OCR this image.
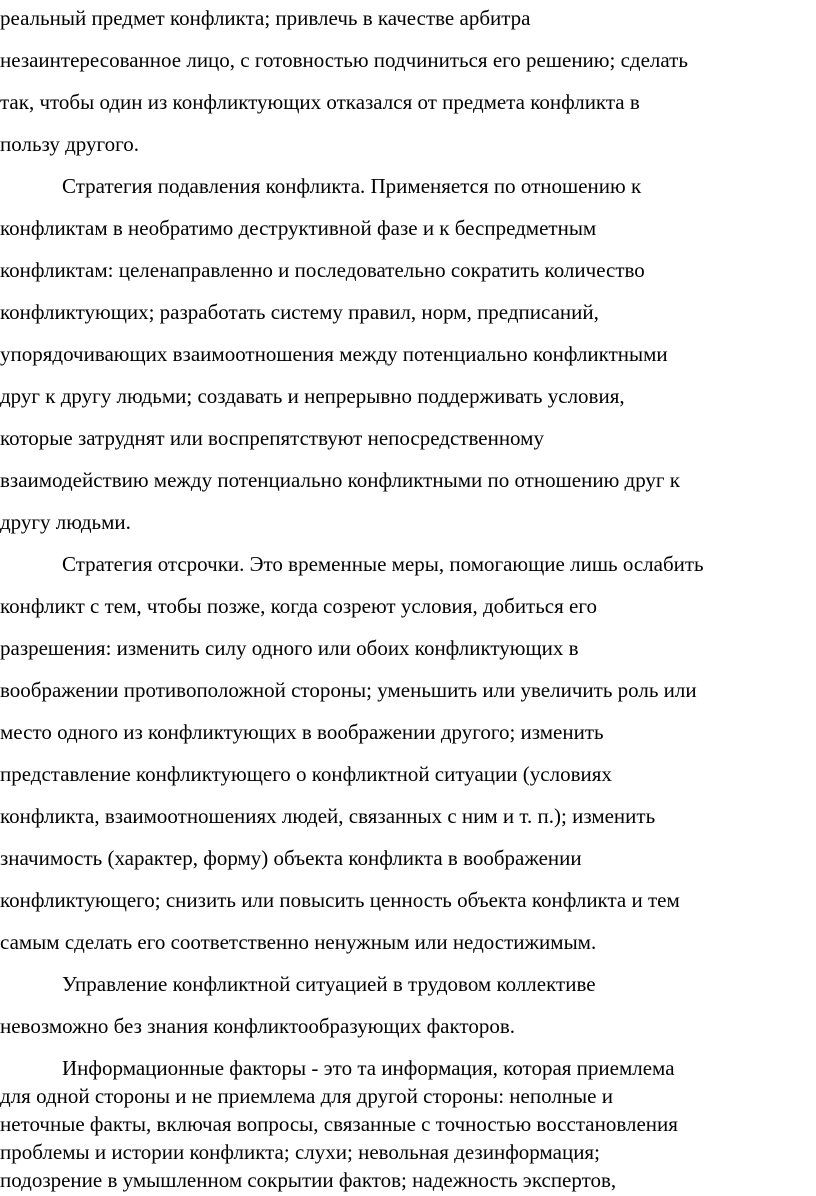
реальный предмет конфликта; привлечь в качестве арбитра
незаинтересованное лицо, с готовностью подчиниться его решению; сделать
так, чтобы один из конфликтующих отказался от предмета конфликта в
пользу другого.
Стратегия подавления конфликта. Применяется по отношению к
конфликтам в необратимо деструктивной фазе и к беспредметным
конфликтам: целенаправленно и последовательно сократить количество
конфликтующих; разработать систему правил, норм, предписаний,
упорядочивающих взаимоотношения между потенциально конфликтными
друг к другу людьми; создавать и непрерывно поддерживать условия,
которые затруднят или воспрепятствуют непосредственному
взаимодействию между потенциально конфликтными по отношению друг к
другу людьми.
Стратегия отсрочки. Это временные меры, помогающие лишь ослабить
конфликт с тем, чтобы позже, когда созреют условия, добиться его
разрешения: изменить силу одного или обоих конфликтующих в
воображении противоположной стороны; уменьшить или увеличить роль или
место одного из конфликтующих в воображении другого; изменить
представление конфликтующего о конфликтной ситуации (условиях
конфликта, взаимоотношениях людей, связанных с ним и т. п.); изменить
значимость (характер, форму) объекта конфликта в воображении
конфликтующего; снизить или повысить ценность объекта конфликта и тем
самым сделать его соответственно ненужным или недостижимым.
Управление конфликтной ситуацией в трудовом коллективе
невозможно без знания конфликтообразующих факторов.
Информационные факторы - это та информация, которая приемлема
для одной стороны и не приемлема для другой стороны: неполные и
неточные факты, включая вопросы, связанные с точностью восстановления
проблемы и истории конфликта; слухи; невольная дезинформация;
подозрение в умышленном сокрытии фактов; надежность экспертов,
